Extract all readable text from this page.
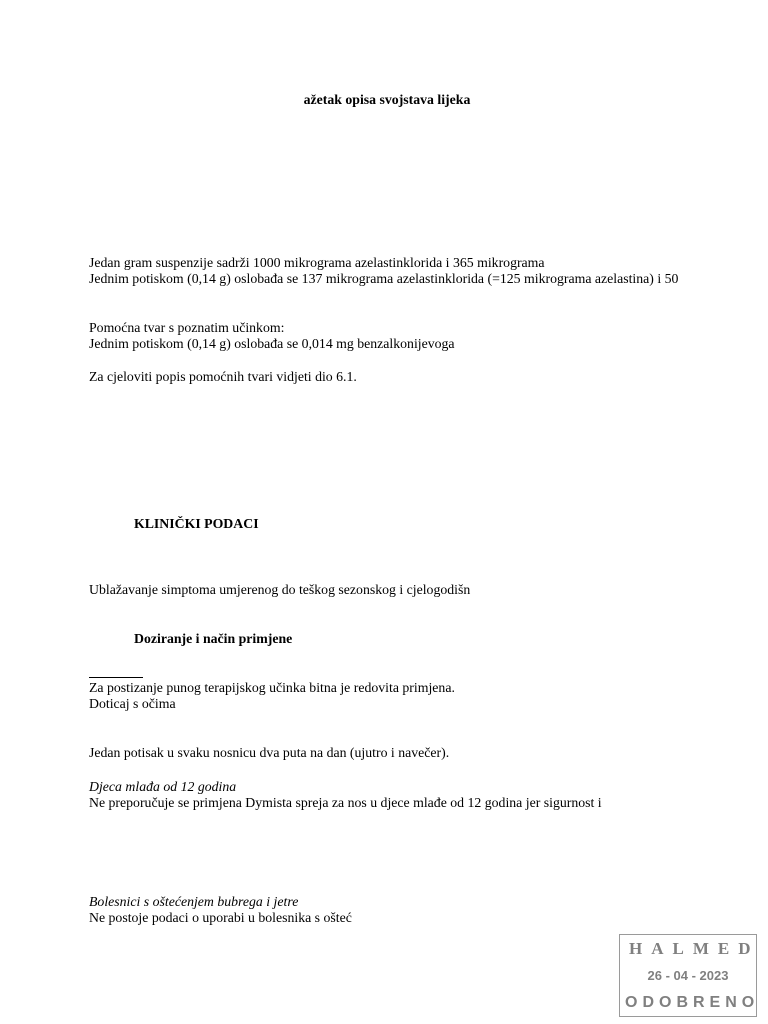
ažetak opisa svojstava lijeka
Jedan gram suspenzije sadrži 1000 mikrograma azelastinklorida i 365 mikrograma
Jednim potiskom (0,14 g) oslobađa se 137 mikrograma azelastinklorida (=125 mikrograma azelastina) i 50
Pomoćna tvar s poznatim učinkom:
Jednim potiskom (0,14 g) oslobađa se 0,014 mg benzalkonijevoga
Za cjeloviti popis pomoćnih tvari vidjeti dio 6.1.
KLINIČKI PODACI
Ublažavanje simptoma umjerenog do teškog sezonskog i cjelogodišn
Doziranje i način primjene
Za postizanje punog terapijskog učinka bitna je redovita primjena.
Doticaj s očima
Jedan potisak u svaku nosnicu dva puta na dan (ujutro i navečer).
Djeca mlađa od 12 godina
Ne preporučuje se primjena Dymista spreja za nos u djece mlađe od 12 godina jer sigurnost i
Bolesnici s oštećenjem bubrega i jetre
Ne postoje podaci o uporabi u bolesnika s ošteć
HALMED
26 - 04 - 2023
ODOBRENO
